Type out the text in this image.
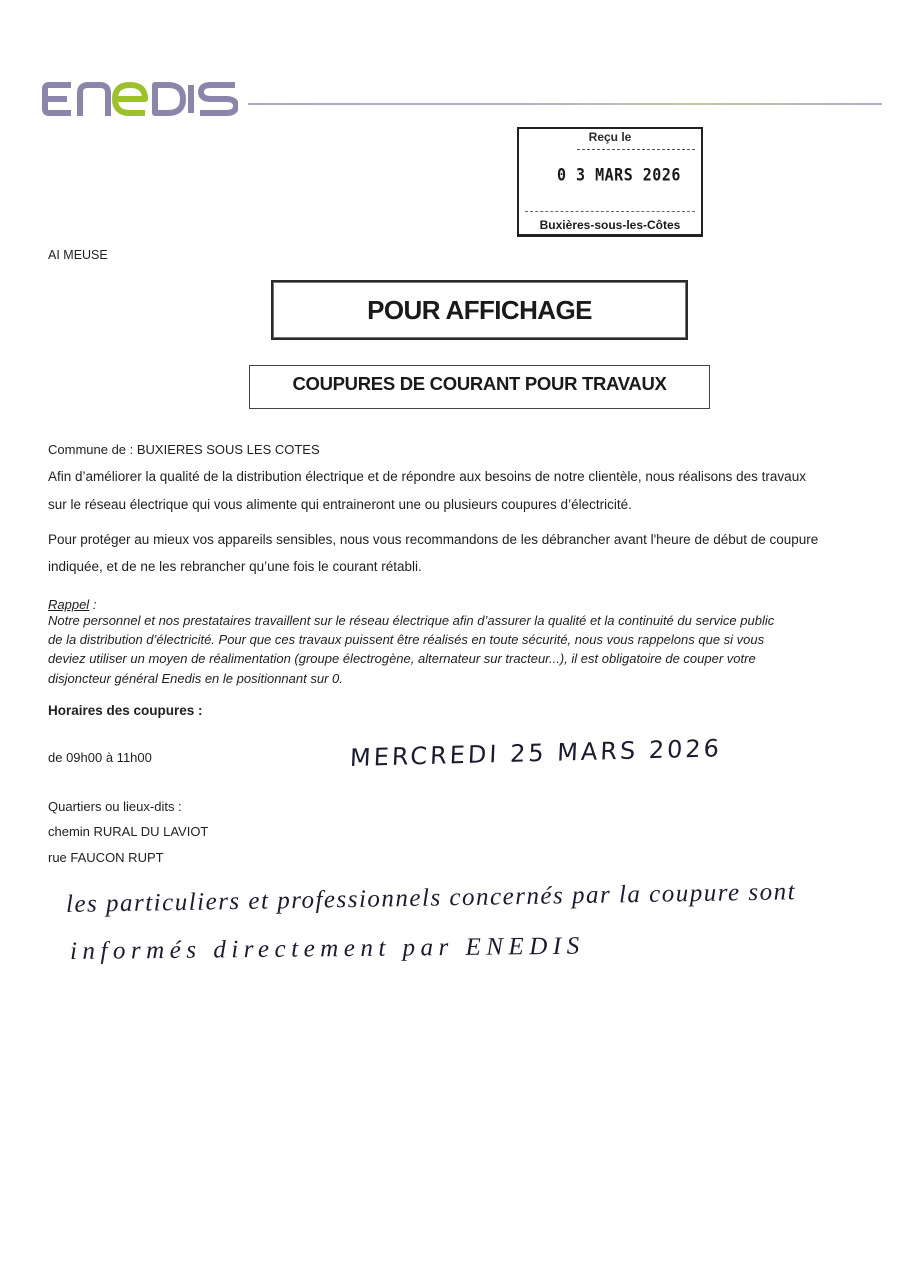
Reçu le
0 3 MARS 2026
Buxières-sous-les-Côtes
AI MEUSE
POUR AFFICHAGE
COUPURES DE COURANT POUR TRAVAUX
Commune de : BUXIERES SOUS LES COTES
Afin d’améliorer la qualité de la distribution électrique et de répondre aux besoins de notre clientèle, nous réalisons des travaux
sur le réseau électrique qui vous alimente qui entraineront une ou plusieurs coupures d’électricité.
Pour protéger au mieux vos appareils sensibles, nous vous recommandons de les débrancher avant l'heure de début de coupure
indiquée, et de ne les rebrancher qu’une fois le courant rétabli.
Rappel :
Notre personnel et nos prestataires travaillent sur le réseau électrique afin d’assurer la qualité et la continuité du service public
de la distribution d’électricité. Pour que ces travaux puissent être réalisés en toute sécurité, nous vous rappelons que si vous
deviez utiliser un moyen de réalimentation (groupe électrogène, alternateur sur tracteur...), il est obligatoire de couper votre
disjoncteur général Enedis en le positionnant sur 0.
Horaires des coupures :
de 09h00 à 11h00	MERCREDI 25 MARS 2026
Quartiers ou lieux-dits :
chemin RURAL DU LAVIOT
rue FAUCON RUPT
les particuliers et professionnels concernés par la coupure sont
informés directement par ENEDIS
